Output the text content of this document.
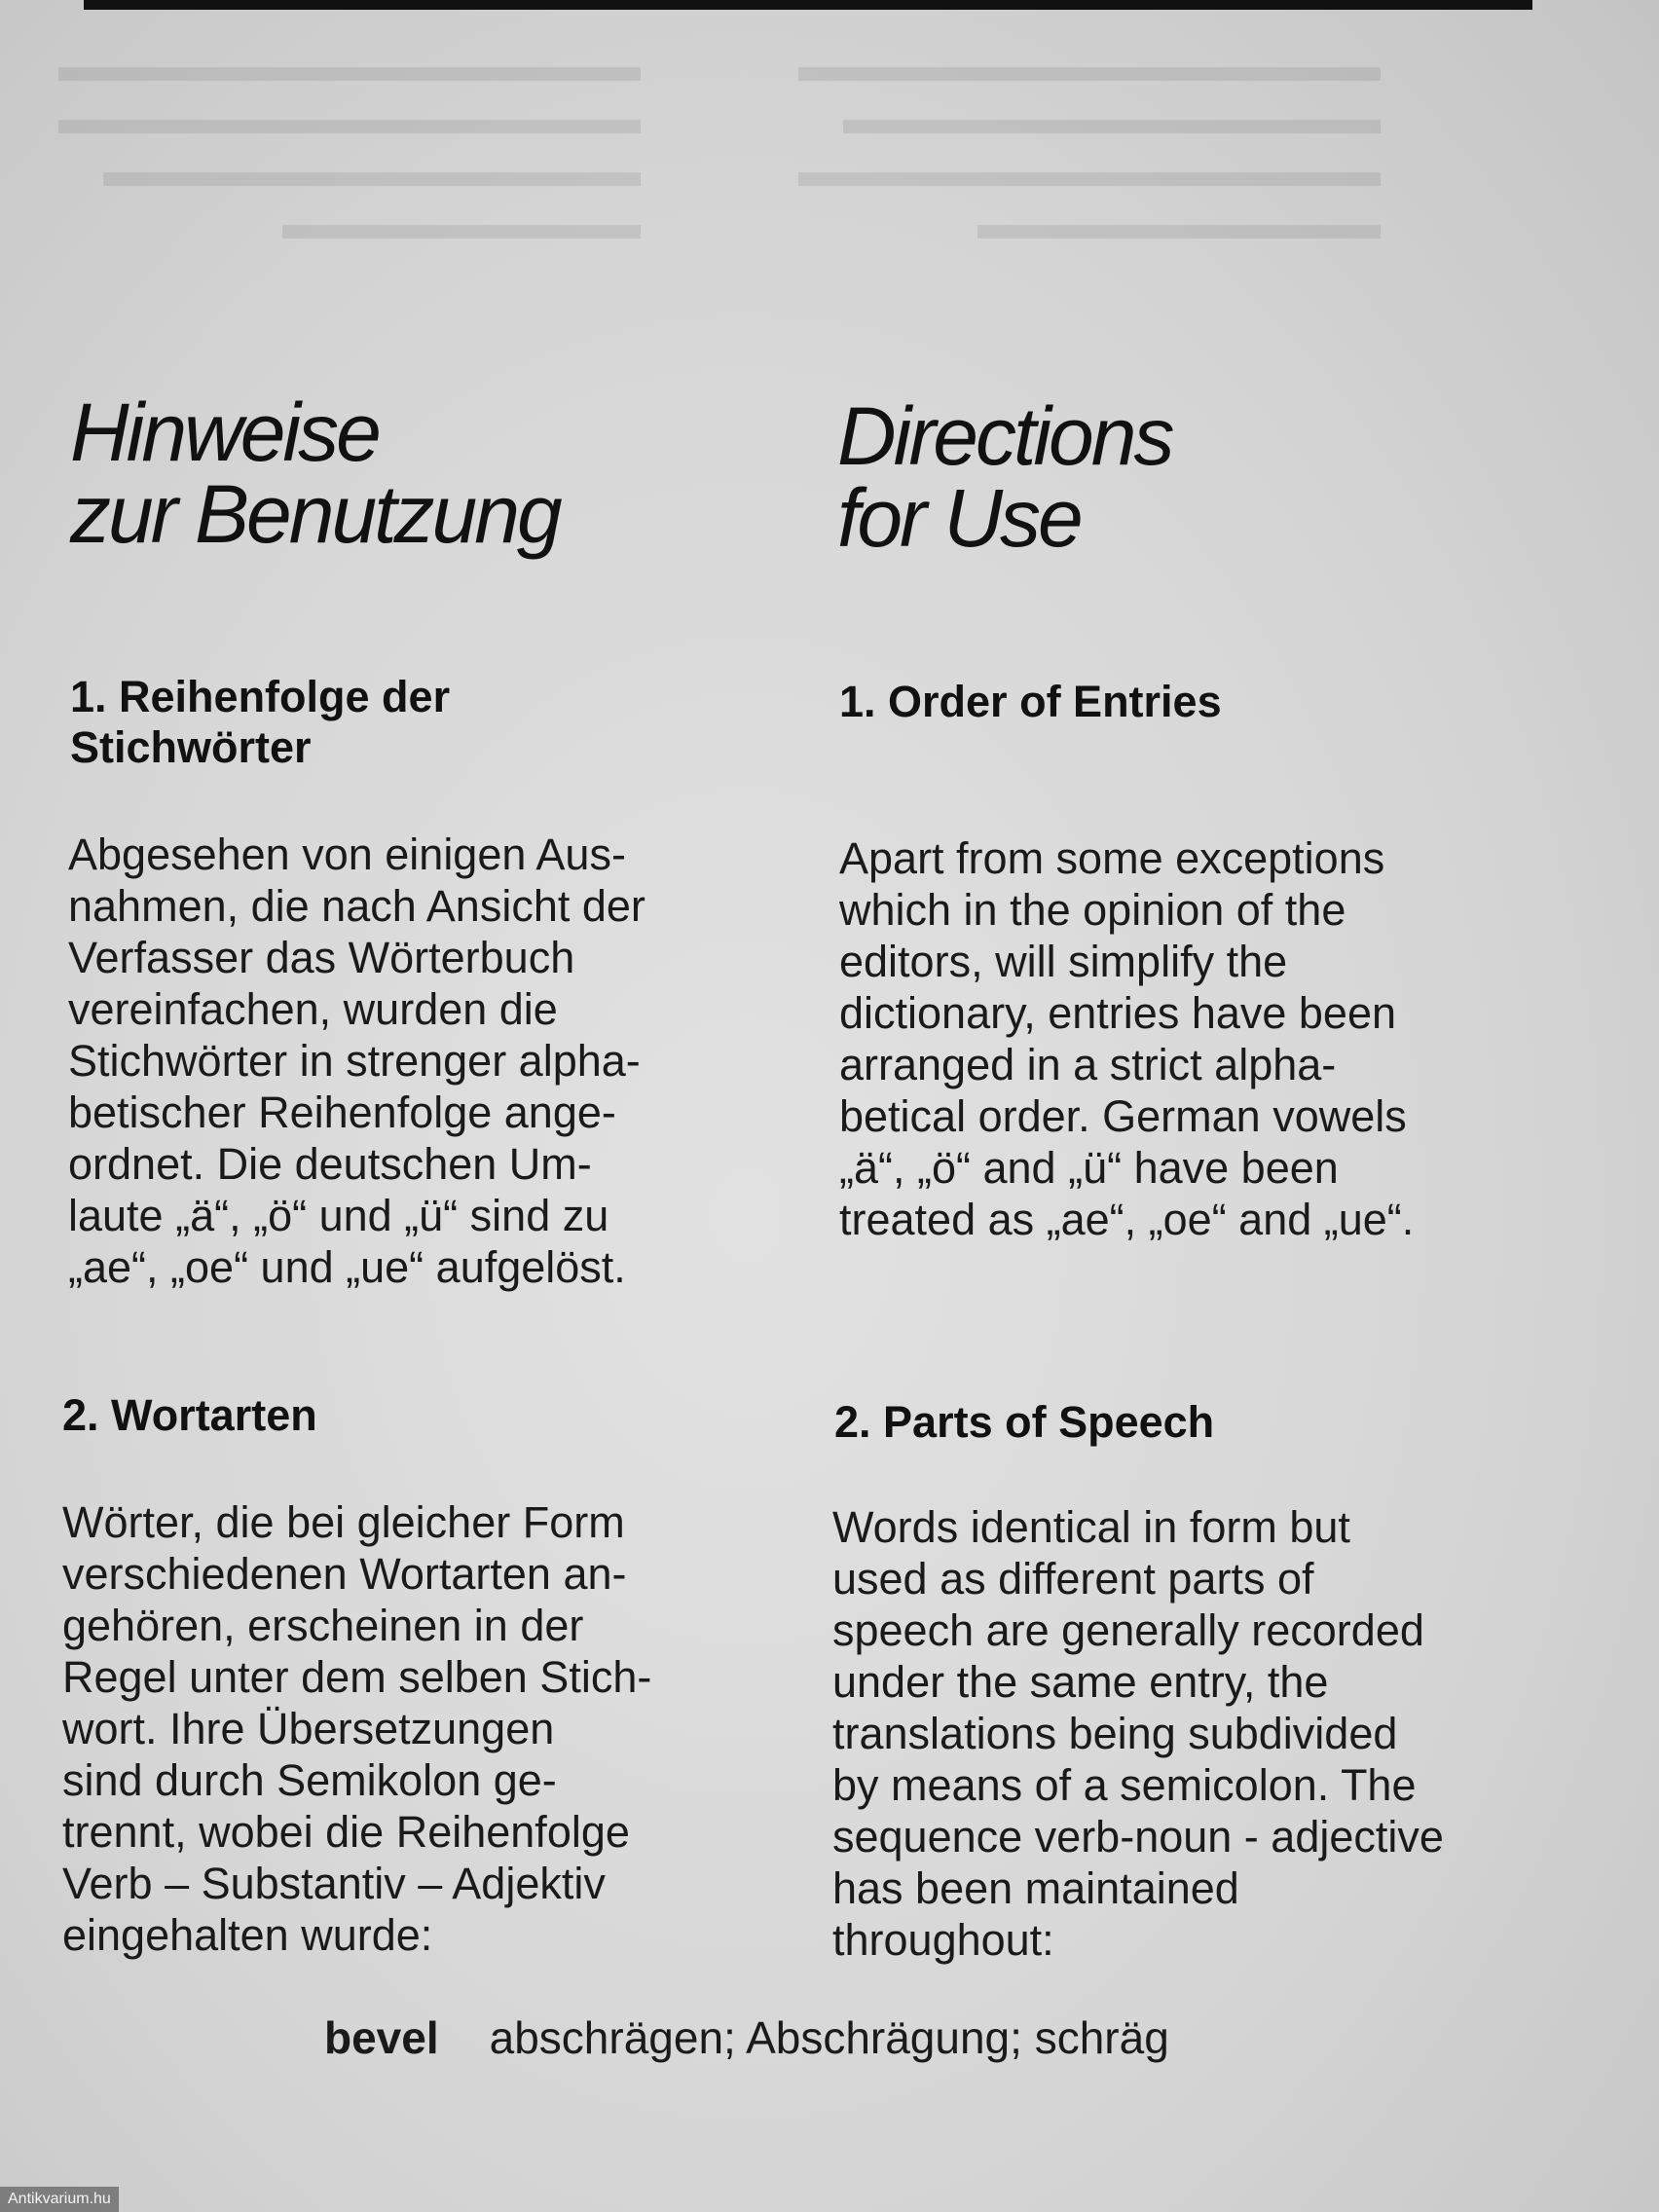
▬▬▬▬▬▬▬▬▬▬▬▬▬
▬▬▬▬▬▬▬▬▬▬▬▬
▬▬▬▬▬▬▬▬▬▬▬▬▬
▬▬▬▬▬▬▬▬▬
▬▬▬▬▬▬▬▬▬▬▬▬▬
▬▬▬▬▬▬▬▬▬▬▬▬▬
▬▬▬▬▬▬▬▬▬▬▬▬
▬▬▬▬▬▬▬▬
Hinweise
zur Benutzung
1. Reihenfolge der
Stichwörter

Abgesehen von einigen Aus-
nahmen, die nach Ansicht der
Verfasser das Wörterbuch
vereinfachen, wurden die
Stichwörter in strenger alpha-
betischer Reihenfolge ange-
ordnet. Die deutschen Um-
laute „ä“, „ö“ und „ü“ sind zu
„ae“, „oe“ und „ue“ aufgelöst.

2. Wortarten

Wörter, die bei gleicher Form
verschiedenen Wortarten an-
gehören, erscheinen in der
Regel unter dem selben Stich-
wort. Ihre Übersetzungen
sind durch Semikolon ge-
trennt, wobei die Reihenfolge
Verb – Substantiv – Adjektiv
eingehalten wurde:

Directions
for Use
1. Order of Entries

Apart from some exceptions
which in the opinion of the
editors, will simplify the
dictionary, entries have been
arranged in a strict alpha-
betical order. German vowels
„ä“, „ö“ and „ü“ have been
treated as „ae“, „oe“ and „ue“.

2. Parts of Speech

Words identical in form but
used as different parts of
speech are generally recorded
under the same entry, the
translations being subdivided
by means of a semicolon. The
sequence verb-noun - adjective
has been maintained
throughout:

bevel abschrägen; Abschrägung; schräg
Antikvarium.hu
